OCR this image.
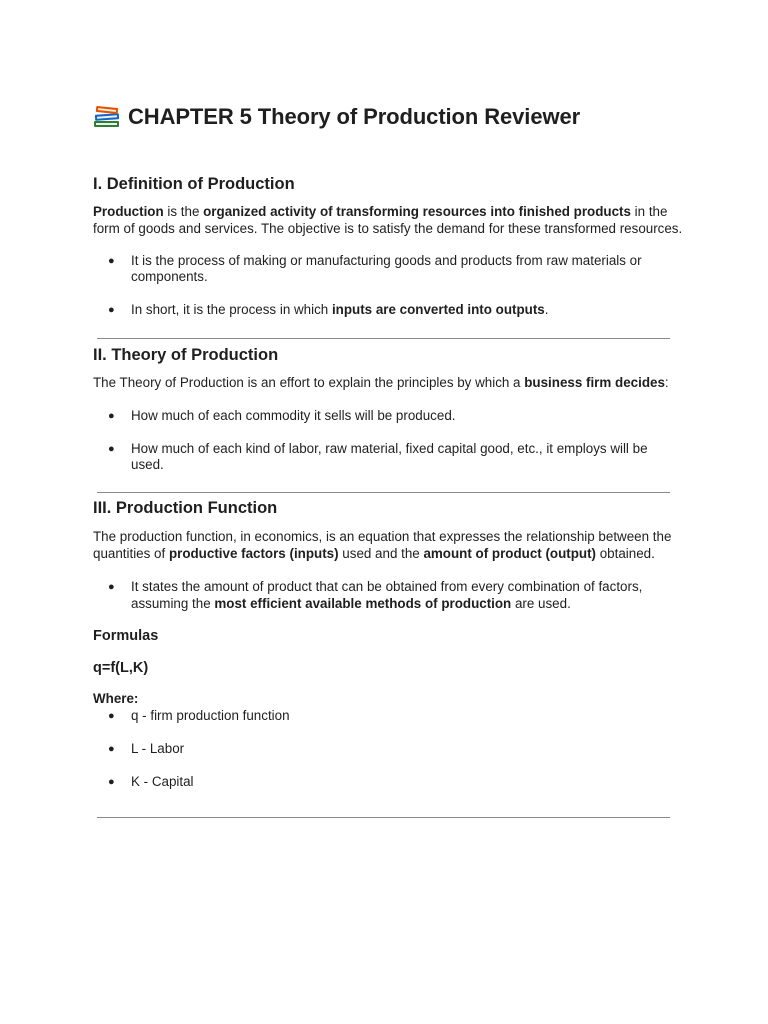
CHAPTER 5 Theory of Production Reviewer
I. Definition of Production

Production is the organized activity of transforming resources into finished products in the form of goods and services. The objective is to satisfy the demand for these transformed resources.

● It is the process of making or manufacturing goods and products from raw materials or components.
● In short, it is the process in which inputs are converted into outputs.
II. Theory of Production

The Theory of Production is an effort to explain the principles by which a business firm decides:

● How much of each commodity it sells will be produced.
● How much of each kind of labor, raw material, fixed capital good, etc., it employs will be used.
III. Production Function

The production function, in economics, is an equation that expresses the relationship between the quantities of productive factors (inputs) used and the amount of product (output) obtained.

● It states the amount of product that can be obtained from every combination of factors, assuming the most efficient available methods of production are used.

Formulas

q=f(L,K)

Where:

● q - firm production function
● L - Labor
● K - Capital
